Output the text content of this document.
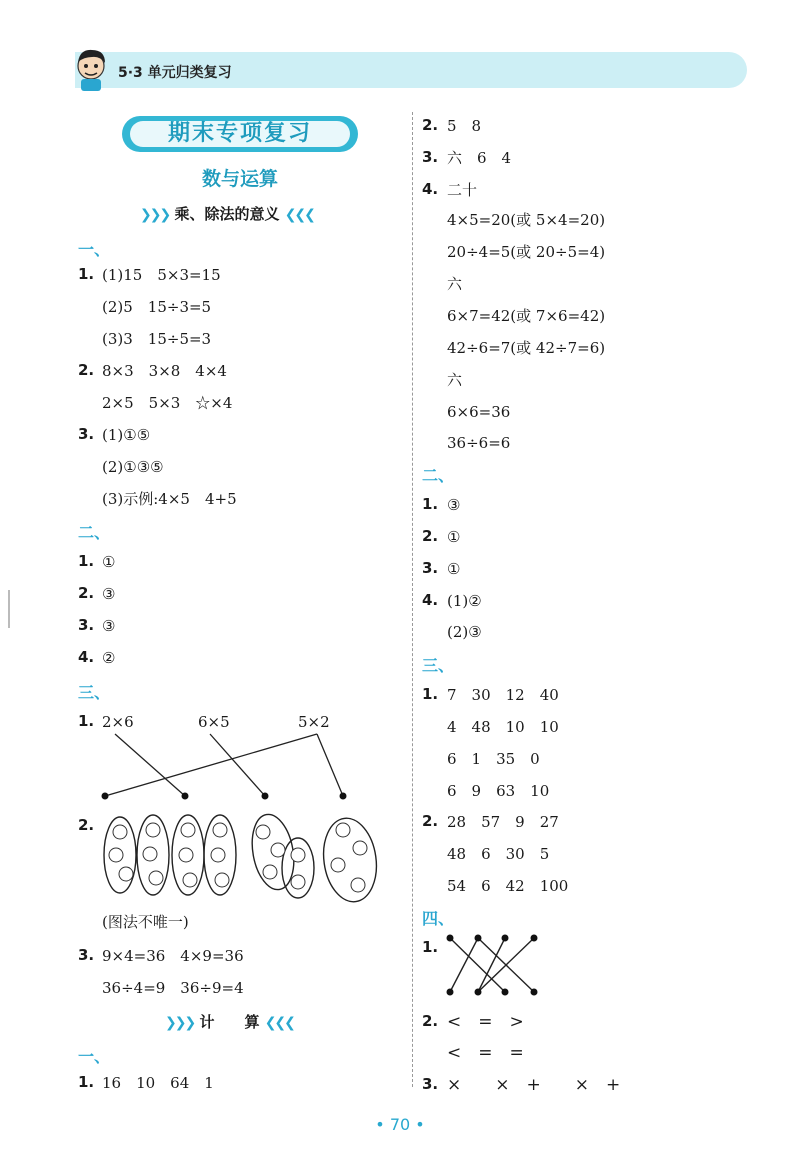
5·3 单元归类复习
期末专项复习
数与运算
❯❯❯ 乘、除法的意义 ❮❮❮
一、
1. (1)15　5×3=15
(2)5　15÷3=5
(3)3　15÷5=3
2. 8×3　3×8　4×4
2×5　5×3　☆×4
3. (1)①⑤
(2)①③⑤
(3)示例:4×5　4+5
二、
1. ①
2. ③
3. ③
4. ②
三、
1. 2×6	6×5	5×2
2.
(图法不唯一)
3. 9×4=36　4×9=36
36÷4=9　36÷9=4
❯❯❯ 计　　算 ❮❮❮
一、
1. 16　10　64　1
2. 5　8
3. 六　6　4
4. 二十
4×5=20(或 5×4=20)
20÷4=5(或 20÷5=4)
六
6×7=42(或 7×6=42)
42÷6=7(或 42÷7=6)
六
6×6=36
36÷6=6
二、
1. ③
2. ①
3. ①
4. (1)②
(2)③
三、
1. 7　30　12　40
4　48　10　10
6　1　35　0
6　9　63　10
2. 28　57　9　27
48　6　30　5
54　6　42　100
四、
1.
2. <　=　>
<　=　=
3. ×　　×　+　　×　+
• 70 •
